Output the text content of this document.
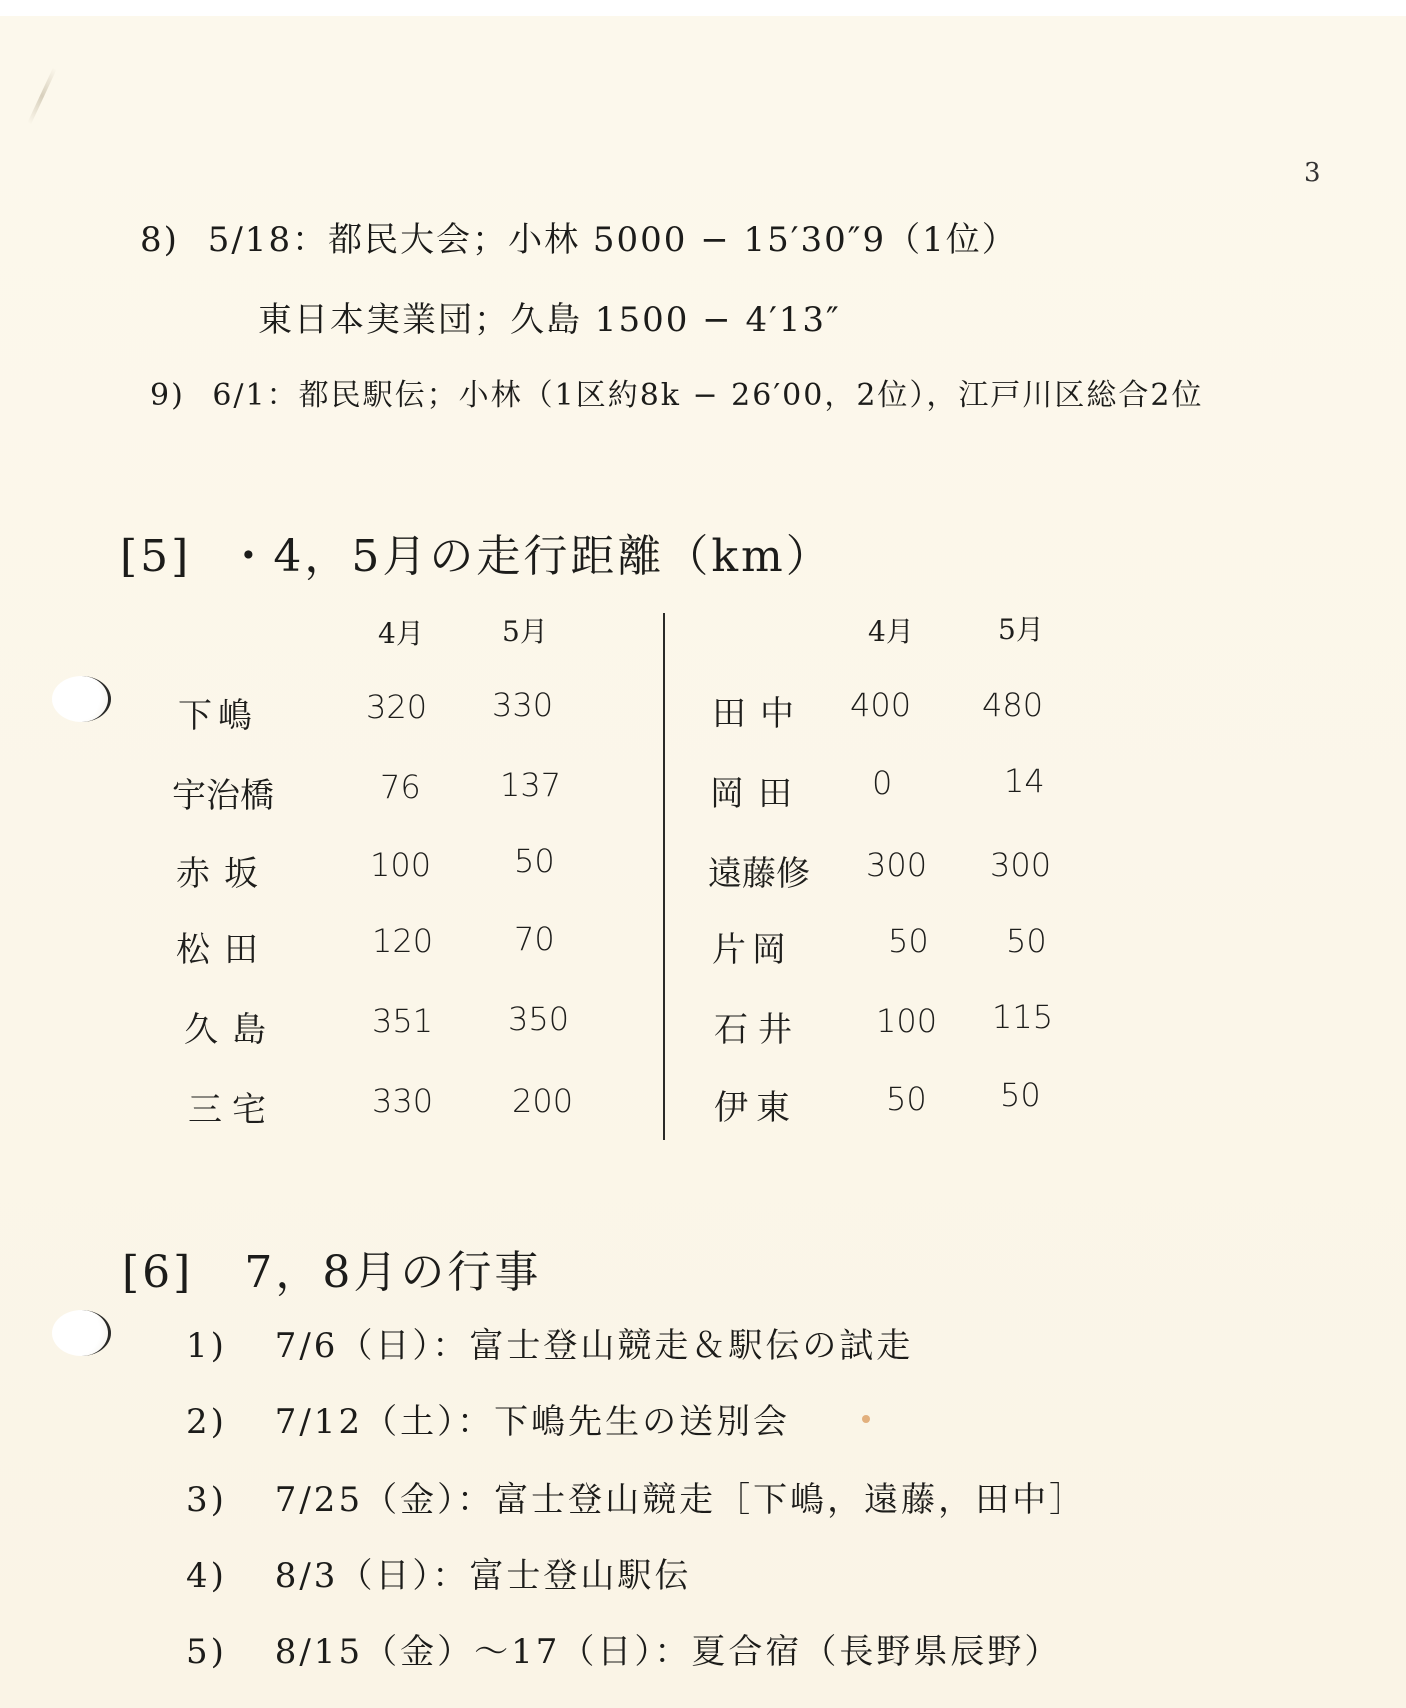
3
8) 5/18：都民大会；小林 5000 − 15′30″9（1位）
東日本実業団；久島 1500 − 4′13″
9) 6/1：都民駅伝；小林（1区約8k − 26′00，2位），江戸川区総合2位
[5] ・4，5月の走行距離（km）
4月	5月	4月	5月
下嶋	320 330
宇治橋	76 137
赤坂	100	50
松田	120	70
久島	351 350
三宅	330 200
田中 400 480
岡田 0	14
遠藤修 300 300
片岡	50 50
石井 100 115
伊東	50 50
[6] 7，8月の行事
1) 7/6（日）：富士登山競走＆駅伝の試走
2) 7/12（土）：下嶋先生の送別会
3) 7/25（金）：富士登山競走［下嶋，遠藤，田中］
4) 8/3（日）：富士登山駅伝
5) 8/15（金）〜17（日）：夏合宿（長野県辰野）
